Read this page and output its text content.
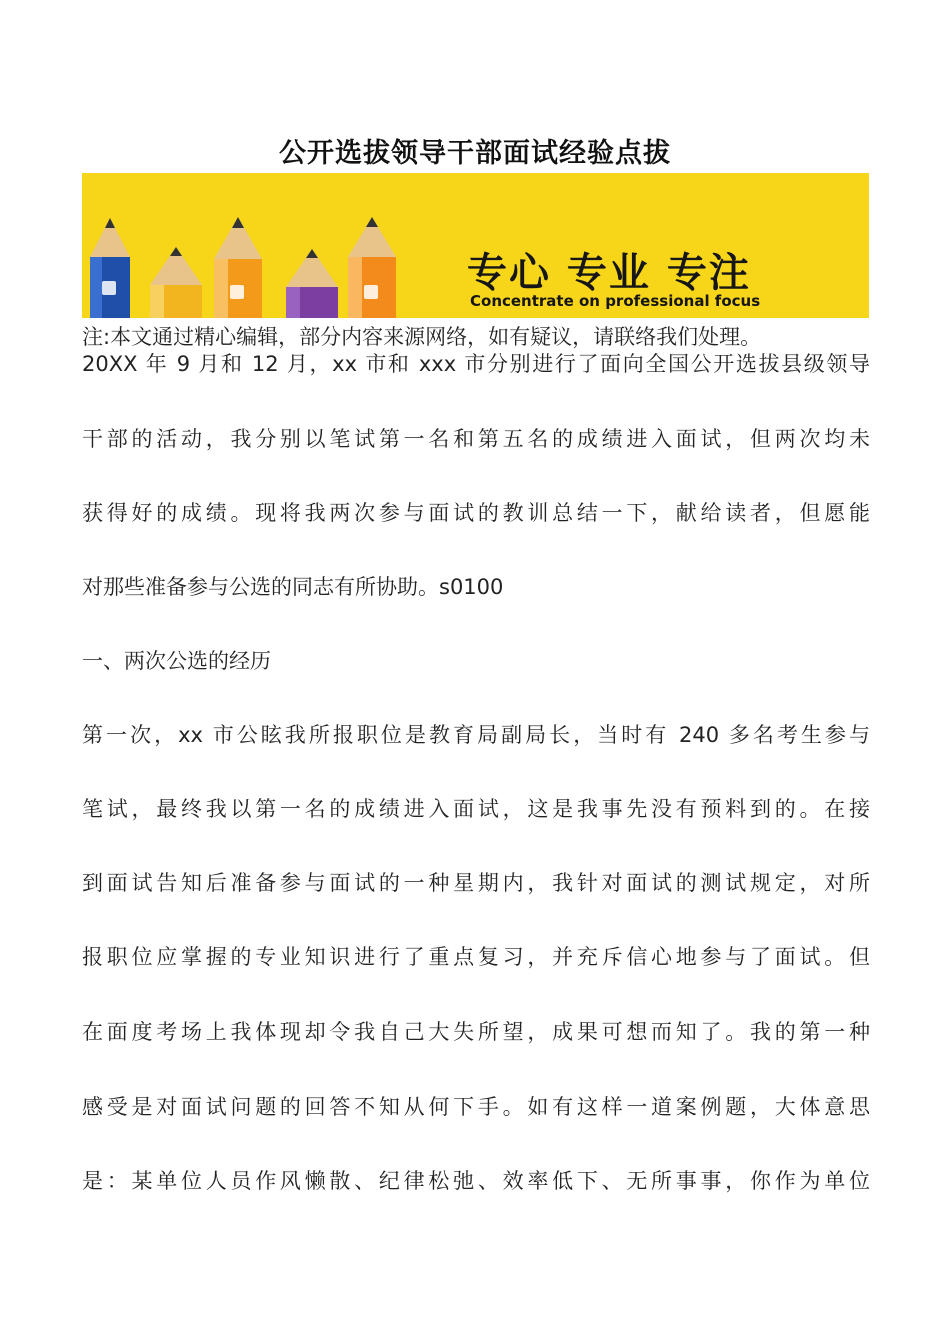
公开选拔领导干部面试经验点拔
专心 专业 专注
Concentrate on professional focus
注:本文通过精心编辑，部分内容来源网络，如有疑议，请联络我们处理。
20XX 年 9 月和 12 月，xx 市和 xxx 市分别进行了面向全国公开选拔县级领导
干部的活动，我分别以笔试第一名和第五名的成绩进入面试，但两次均未
获得好的成绩。现将我两次参与面试的教训总结一下，献给读者，但愿能
对那些准备参与公选的同志有所协助。s0100
一、两次公选的经历
第一次，xx 市公眩我所报职位是教育局副局长，当时有 240 多名考生参与
笔试，最终我以第一名的成绩进入面试，这是我事先没有预料到的。在接
到面试告知后准备参与面试的一种星期内，我针对面试的测试规定，对所
报职位应掌握的专业知识进行了重点复习，并充斥信心地参与了面试。但
在面度考场上我体现却令我自己大失所望，成果可想而知了。我的第一种
感受是对面试问题的回答不知从何下手。如有这样一道案例题，大体意思
是：某单位人员作风懒散、纪律松弛、效率低下、无所事事，你作为单位
